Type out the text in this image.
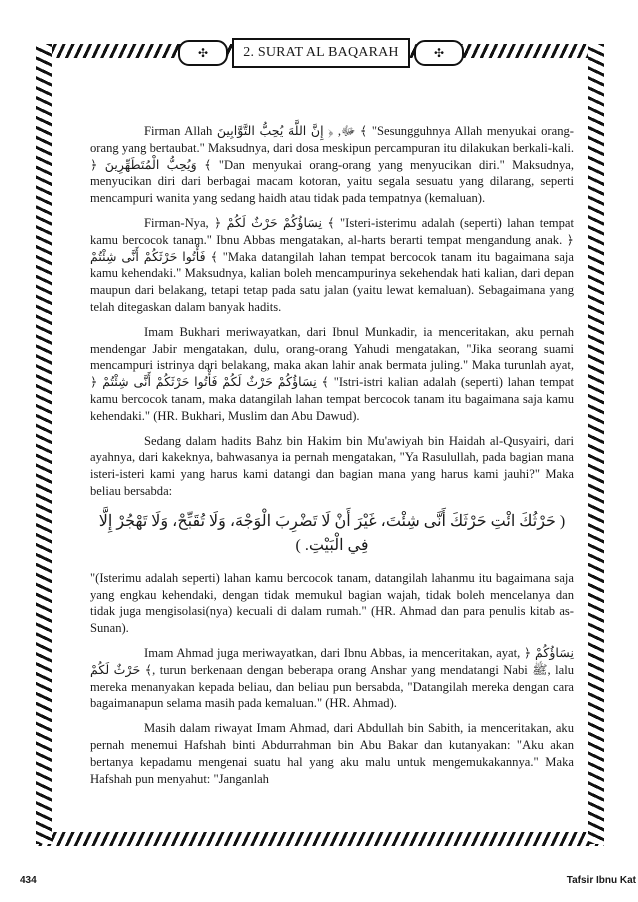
✣	✣
2. SURAT AL BAQARAH

Firman Allah ﷻ, ﴿ إِنَّ اللَّهَ يُحِبُّ التَّوَّابِينَ ﴾ "Sesungguhnya Allah menyukai orang-orang yang bertaubat." Maksudnya, dari dosa meskipun percampuran itu dilakukan berkali-kali. ﴿ وَيُحِبُّ الْمُتَطَهِّرِينَ ﴾ "Dan menyukai orang-orang yang menyucikan diri." Maksudnya, menyucikan diri dari berbagai macam kotoran, yaitu segala sesuatu yang dilarang, seperti mencampuri wanita yang sedang haidh atau tidak pada tempatnya (kemaluan).

Firman-Nya, ﴿ نِسَاؤُكُمْ حَرْثٌ لَكُمْ ﴾ "Isteri-isterimu adalah (seperti) lahan tempat kamu bercocok tanam." Ibnu Abbas mengatakan, al-harts berarti tempat mengandung anak. ﴿ فَأْتُوا حَرْثَكُمْ أَنَّى شِئْتُمْ ﴾ "Maka datangilah lahan tempat bercocok tanam itu bagaimana saja kamu kehendaki." Maksudnya, kalian boleh mencampurinya sekehendak hati kalian, dari depan maupun dari belakang, tetapi tetap pada satu jalan (yaitu lewat kemaluan). Sebagaimana yang telah ditegaskan dalam banyak hadits.

Imam Bukhari meriwayatkan, dari Ibnul Munkadir, ia menceritakan, aku pernah mendengar Jabir mengatakan, dulu, orang-orang Yahudi mengatakan, "Jika seorang suami mencampuri istrinya dari belakang, maka akan lahir anak bermata juling." Maka turunlah ayat, ﴿ نِسَاؤُكُمْ حَرْثٌ لَكُمْ فَأْتُوا حَرْثَكُمْ أَنَّى شِئْتُمْ ﴾ "Istri-istri kalian adalah (seperti) lahan tempat kamu bercocok tanam, maka datangilah lahan tempat bercocok tanam itu bagaimana saja kamu kehendaki." (HR. Bukhari, Muslim dan Abu Dawud).

Sedang dalam hadits Bahz bin Hakim bin Mu'awiyah bin Haidah al-Qusyairi, dari ayahnya, dari kakeknya, bahwasanya ia pernah mengatakan, "Ya Rasulullah, pada bagian mana isteri-isteri kami yang harus kami datangi dan bagian mana yang harus kami jauhi?" Maka beliau bersabda:

( حَرْثُكَ ائْتِ حَرْثَكَ أَنَّى شِئْتَ، غَيْرَ أَنْ لَا تَضْرِبَ الْوَجْهَ، وَلَا تُقَبِّحْ، وَلَا تَهْجُرْ إِلَّا فِي الْبَيْتِ. )

"(Isterimu adalah seperti) lahan kamu bercocok tanam, datangilah lahanmu itu bagaimana saja yang engkau kehendaki, dengan tidak memukul bagian wajah, tidak boleh mencelanya dan tidak juga mengisolasi(nya) kecuali di dalam rumah." (HR. Ahmad dan para penulis kitab as-Sunan).

Imam Ahmad juga meriwayatkan, dari Ibnu Abbas, ia menceritakan, ayat, ﴿ نِسَاؤُكُمْ حَرْثٌ لَكُمْ ﴾, turun berkenaan dengan beberapa orang Anshar yang mendatangi Nabi ﷺ, lalu mereka menanyakan kepada beliau, dan beliau pun bersabda, "Datangilah mereka dengan cara bagaimanapun selama masih pada kemaluan." (HR. Ahmad).

Masih dalam riwayat Imam Ahmad, dari Abdullah bin Sabith, ia menceritakan, aku pernah menemui Hafshah binti Abdurrahman bin Abu Bakar dan kutanyakan: "Aku akan bertanya kepadamu mengenai suatu hal yang aku malu untuk mengemukakannya." Maka Hafshah pun menyahut: "Janganlah

434	Tafsir Ibnu Kat
